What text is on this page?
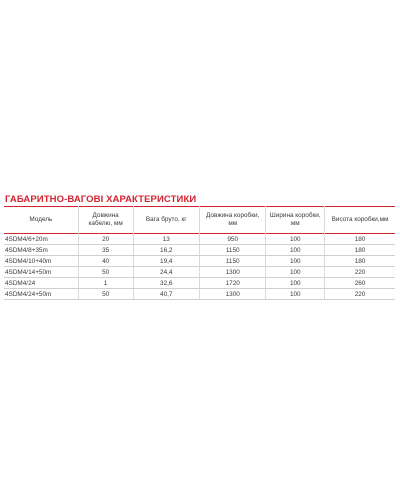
ГАБАРИТНО-ВАГОВІ ХАРАКТЕРИСТИКИ
Модель	Довжина кабелю, мм	Вага бруто, кг	Довжина коробки, мм	Ширина коробки, мм	Висота коробки,мм
4SDM4/6+20m	20	13	950	100	180
4SDM4/8+35m	35	16,2	1150	100	180
4SDM4/10+40m	40	19,4	1150	100	180
4SDM4/14+50m	50	24,4	1300	100	220
4SDM4/24	1	32,6	1720	100	260
4SDM4/24+50m	50	40,7	1300	100	220
